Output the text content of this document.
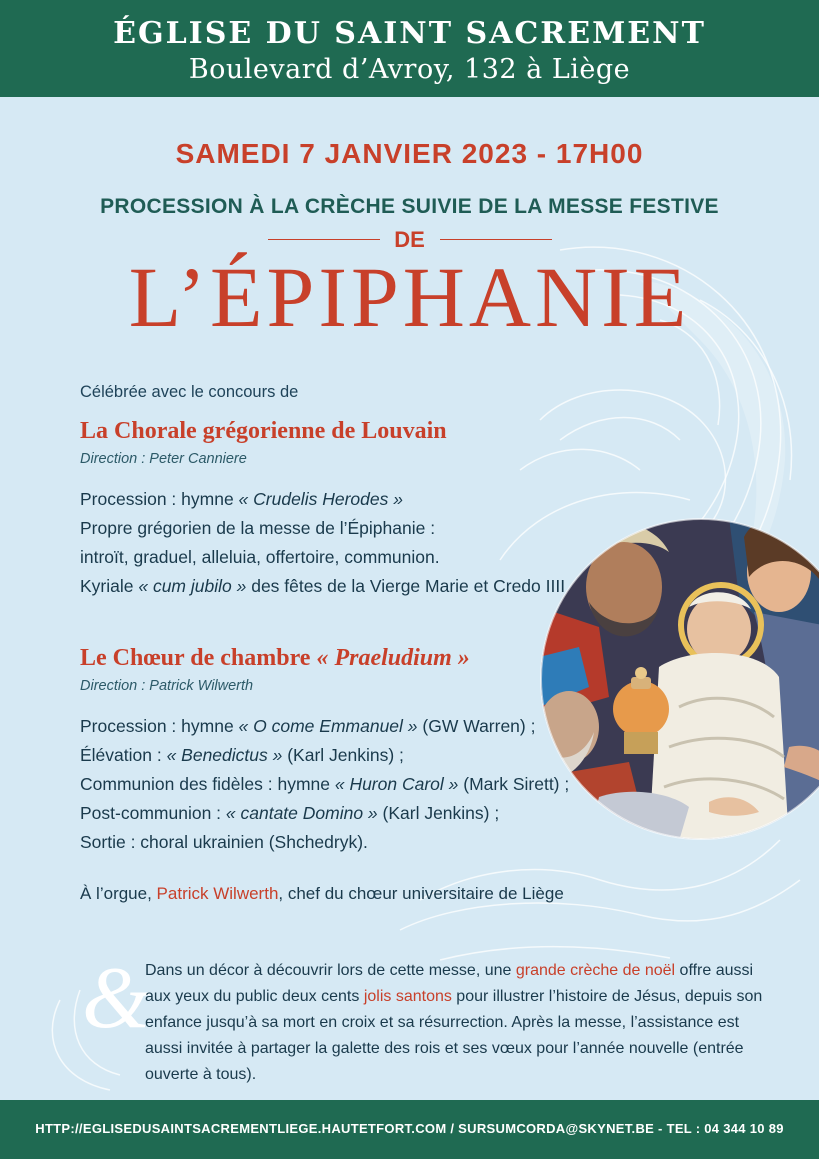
ÉGLISE DU SAINT SACREMENT
Boulevard d’Avroy, 132 à Liège
SAMEDI 7 JANVIER 2023 - 17H00
PROCESSION À LA CRÈCHE SUIVIE DE LA MESSE FESTIVE
DE
L’ÉPIPHANIE
Célébrée avec le concours de
La Chorale grégorienne de Louvain
Direction : Peter Canniere
Procession : hymne « Crudelis Herodes »
Propre grégorien de la messe de l’Épiphanie :
introït, graduel, alleluia, offertoire, communion.
Kyriale « cum jubilo » des fêtes de la Vierge Marie et Credo IIII
Le Chœur de chambre « Praeludium »
Direction : Patrick Wilwerth
Procession : hymne « O come Emmanuel » (GW Warren) ;
Élévation : « Benedictus » (Karl Jenkins) ;
Communion des fidèles : hymne « Huron Carol » (Mark Sirett) ;
Post-communion : « cantate Domino » (Karl Jenkins) ;
Sortie : choral ukrainien (Shchedryk).
À l’orgue, Patrick Wilwerth, chef du chœur universitaire de Liège
&
Dans un décor à découvrir lors de cette messe, une grande crèche de noël offre aussi aux yeux du public deux cents jolis santons pour illustrer l’histoire de Jésus, depuis son enfance jusqu’à sa mort en croix et sa résurrection. Après la messe, l’assistance est aussi invitée à partager la galette des rois et ses vœux pour l’année nouvelle (entrée ouverte à tous).
HTTP://EGLISEDUSAINTSACREMENTLIEGE.HAUTETFORT.COM / SURSUMCORDA@SKYNET.BE - TEL : 04 344 10 89
